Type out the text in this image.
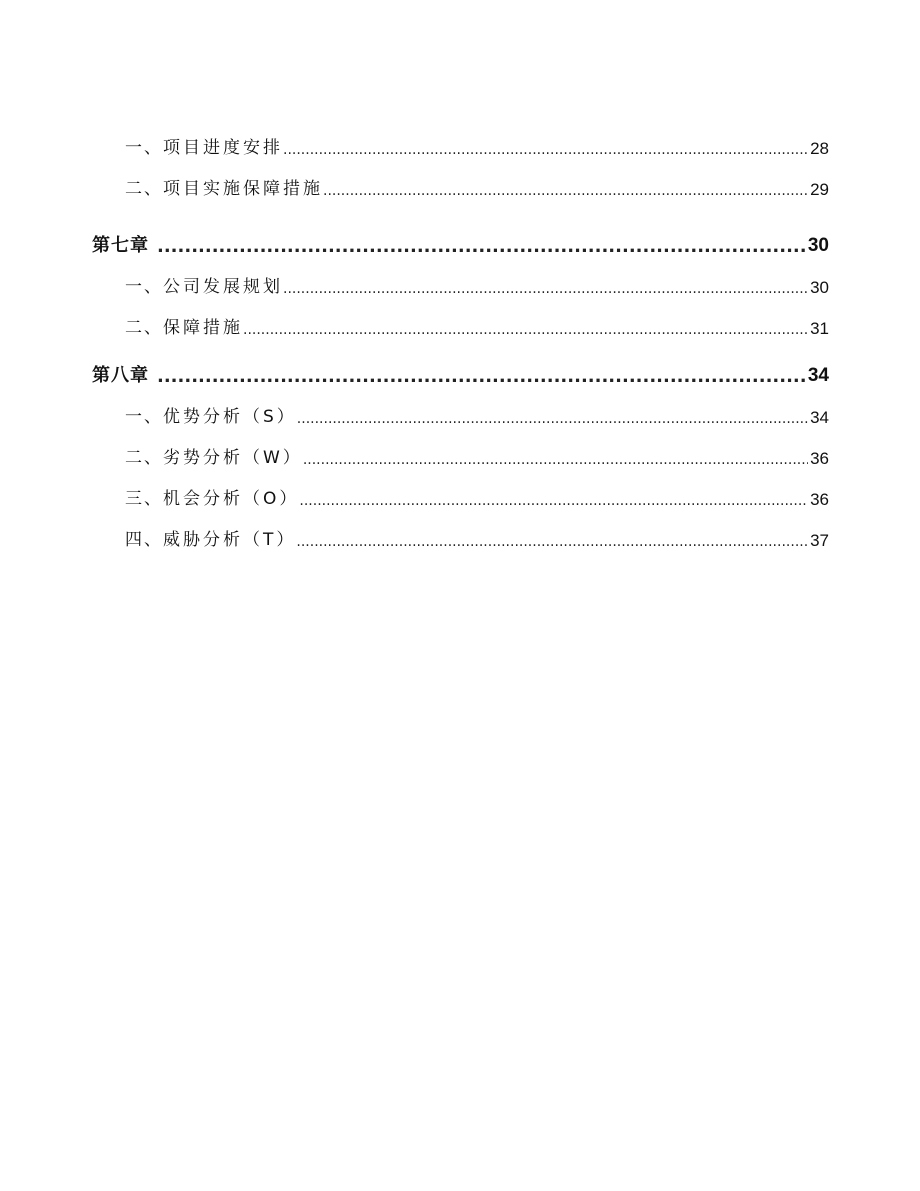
一、 项目进度安排 .....	28
二、 项目实施保障措施 .....	29
第七章 .....	30
一、 公司发展规划 .....	30
二、 保障措施 .....	31
第八章 .....	34
一、 优势分析（S） .....	34
二、 劣势分析（W） .....	36
三、 机会分析（O） .....	36
四、 威胁分析（T） .....	37
